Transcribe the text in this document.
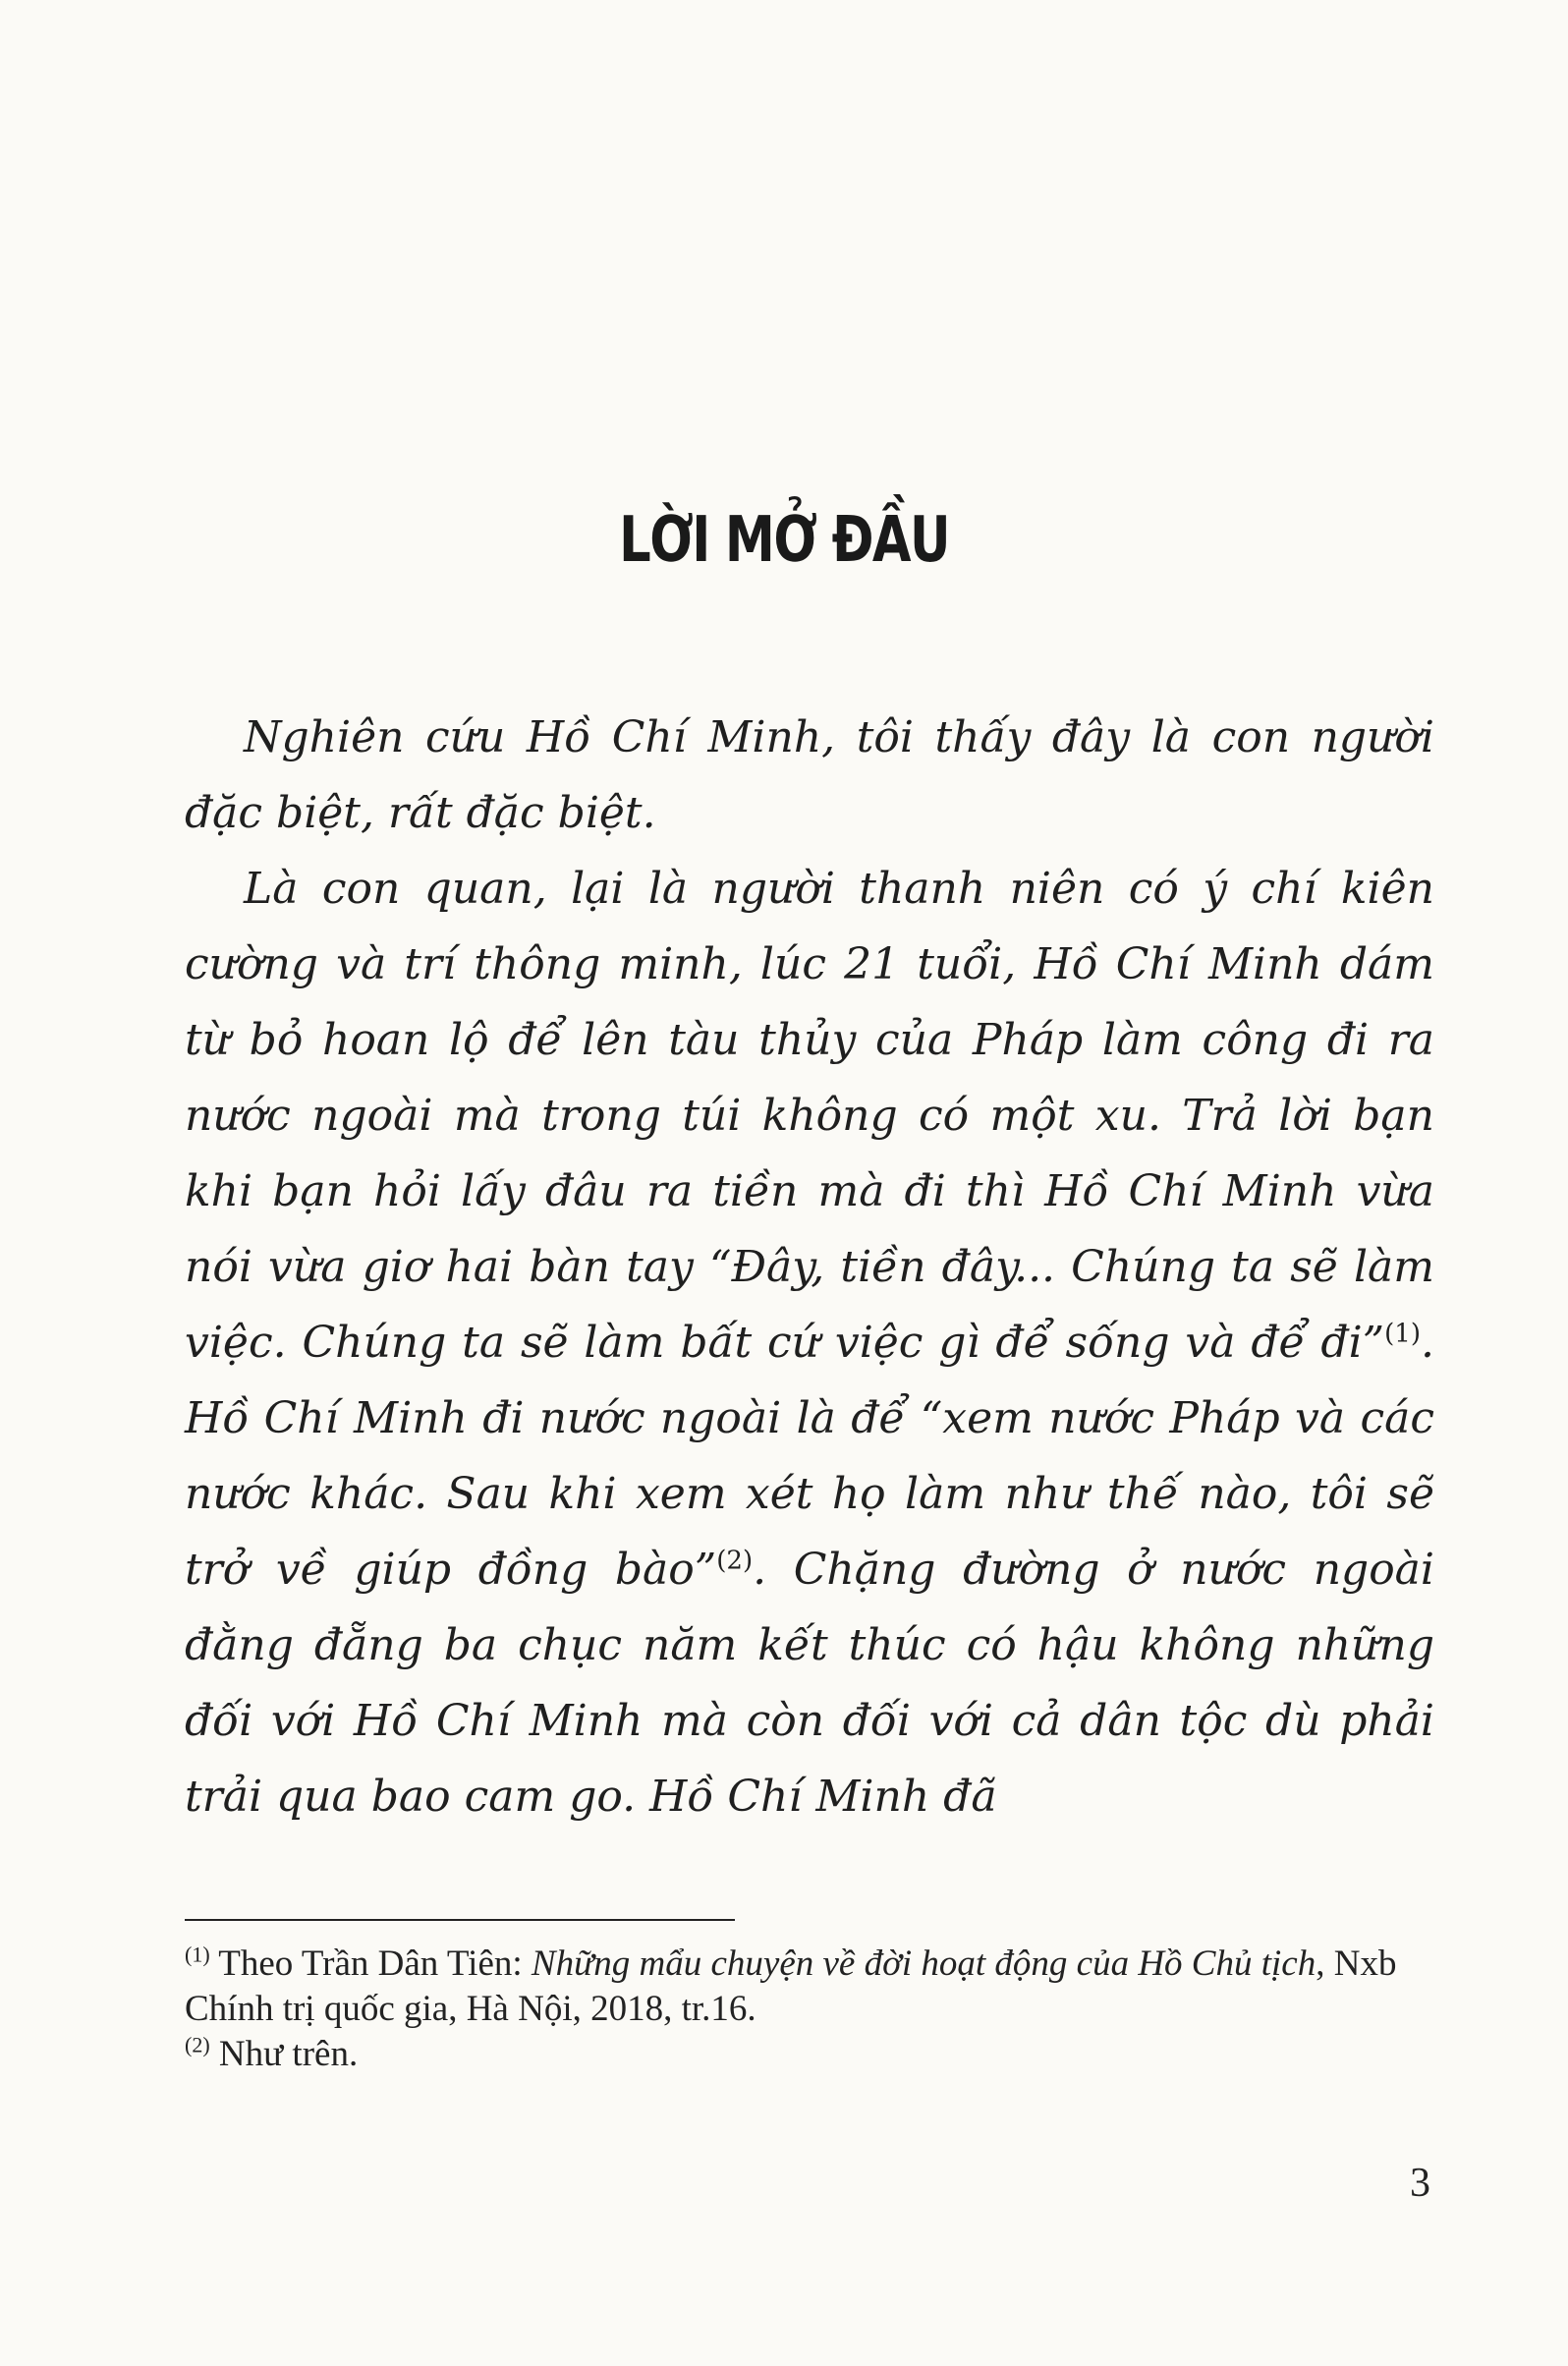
LỜI MỞ ĐẦU

Nghiên cứu Hồ Chí Minh, tôi thấy đây là con người đặc biệt, rất đặc biệt.

Là con quan, lại là người thanh niên có ý chí kiên cường và trí thông minh, lúc 21 tuổi, Hồ Chí Minh dám từ bỏ hoan lộ để lên tàu thủy của Pháp làm công đi ra nước ngoài mà trong túi không có một xu. Trả lời bạn khi bạn hỏi lấy đâu ra tiền mà đi thì Hồ Chí Minh vừa nói vừa giơ hai bàn tay “Đây, tiền đây... Chúng ta sẽ làm việc. Chúng ta sẽ làm bất cứ việc gì để sống và để đi”$^{(1)}$. Hồ Chí Minh đi nước ngoài là để “xem nước Pháp và các nước khác. Sau khi xem xét họ làm như thế nào, tôi sẽ trở về giúp đồng bào”$^{(2)}$. Chặng đường ở nước ngoài đằng đẵng ba chục năm kết thúc có hậu không những đối với Hồ Chí Minh mà còn đối với cả dân tộc dù phải trải qua bao cam go. Hồ Chí Minh đã

$^{(1)}$ Theo Trần Dân Tiên: Những mẩu chuyện về đời hoạt động của Hồ Chủ tịch, Nxb Chính trị quốc gia, Hà Nội, 2018, tr.16.

$^{(2)}$ Như trên.

3
